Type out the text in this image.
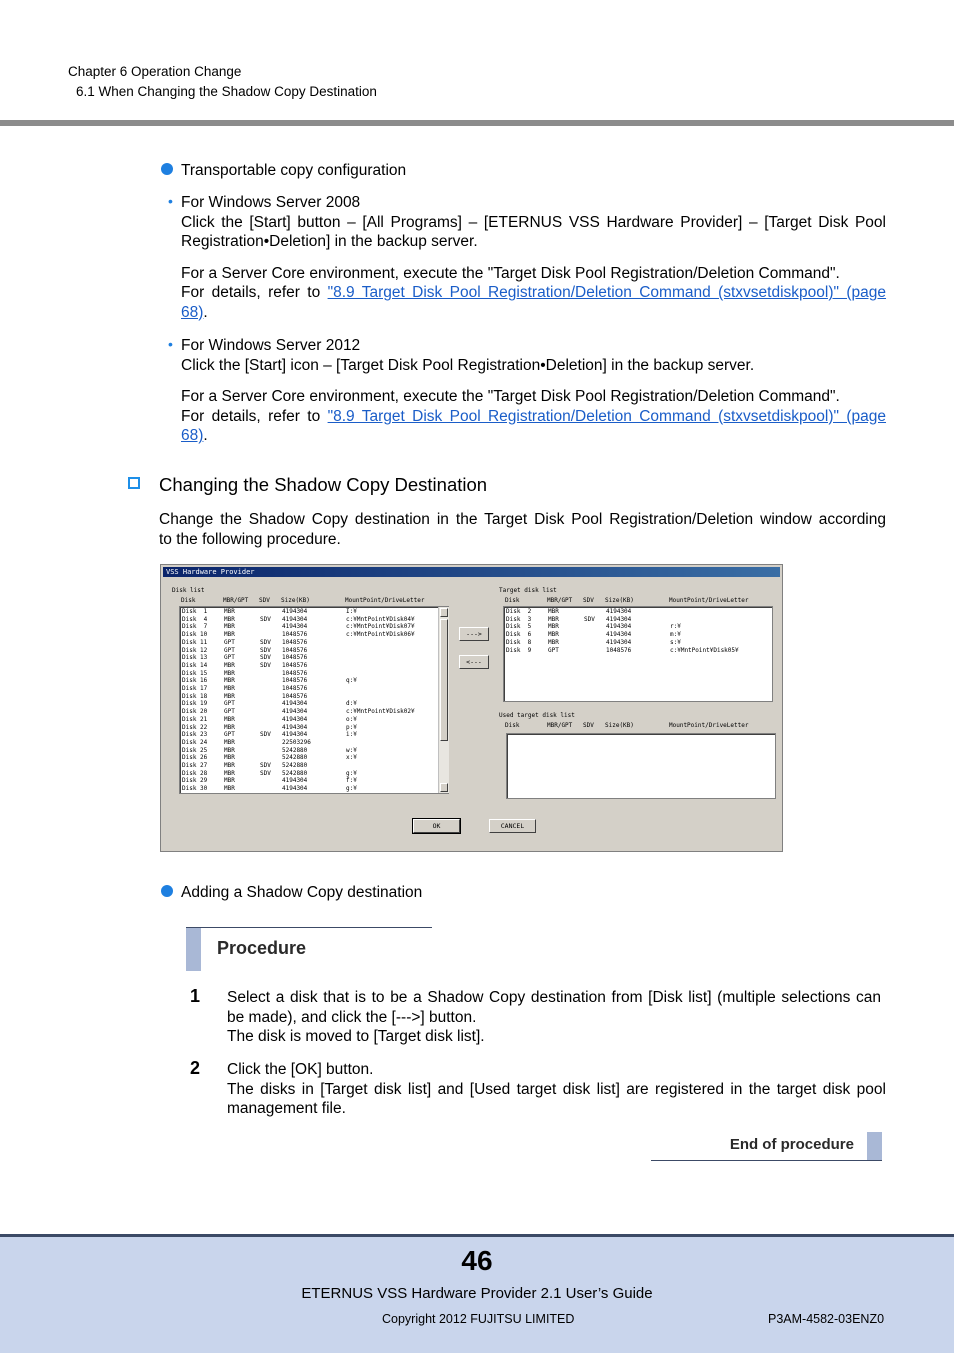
Chapter 6 Operation Change
6.1 When Changing the Shadow Copy Destination
Transportable copy configuration
• For Windows Server 2008
Click the [Start] button – [All Programs] – [ETERNUS VSS Hardware Provider] – [Target Disk Pool
Registration•Deletion] in the backup server.
For a Server Core environment, execute the "Target Disk Pool Registration/Deletion Command".
For details, refer to "8.9 Target Disk Pool Registration/Deletion Command (stxvsetdiskpool)" (page
68).
• For Windows Server 2012
Click the [Start] icon – [Target Disk Pool Registration•Deletion] in the backup server.
For a Server Core environment, execute the "Target Disk Pool Registration/Deletion Command".
For details, refer to "8.9 Target Disk Pool Registration/Deletion Command (stxvsetdiskpool)" (page
68).
Changing the Shadow Copy Destination
Change the Shadow Copy destination in the Target Disk Pool Registration/Deletion window according
to the following procedure.
VSS Hardware Provider
Disk list
Disk	MBR/GPT SDV Size(KB)	MountPoint/DriveLetter
Disk  1	MBR	4194304	I:¥
Disk  4	MBR	SDV 4194304	c:¥MntPoint¥Disk04¥
Disk  7	MBR	4194304	c:¥MntPoint¥Disk07¥
Disk 10	MBR	1048576	c:¥MntPoint¥Disk06¥
Disk 11	GPT	SDV 1048576
Disk 12	GPT	SDV 1048576
Disk 13	GPT	SDV 1048576
Disk 14	MBR	SDV 1048576
Disk 15	MBR	1048576
Disk 16	MBR	1048576	q:¥
Disk 17	MBR	1048576
Disk 18	MBR	1048576
Disk 19	GPT	4194304	d:¥
Disk 20	GPT	4194304	c:¥MntPoint¥Disk02¥
Disk 21	MBR	4194304	o:¥
Disk 22	MBR	4194304	p:¥
Disk 23	GPT	SDV 4194304	i:¥
Disk 24	MBR	22503296
Disk 25	MBR	5242880	w:¥
Disk 26	MBR	5242880	x:¥
Disk 27	MBR	SDV 5242880
Disk 28	MBR	SDV 5242880	g:¥
Disk 29	MBR	4194304	f:¥
Disk 30	MBR	4194304	g:¥
--->
<---
Target disk list
Disk	MBR/GPT SDV Size(KB)	MountPoint/DriveLetter
Disk  2	MBR	4194304
Disk  3	MBR	SDV 4194304
Disk  5	MBR	4194304	r:¥
Disk  6	MBR	4194304	m:¥
Disk  8	MBR	4194304	s:¥
Disk  9	GPT	1048576	c:¥MntPoint¥Disk05¥
Used target disk list
Disk	MBR/GPT SDV Size(KB)	MountPoint/DriveLetter
OK	CANCEL
Adding a Shadow Copy destination
Procedure
1 Select a disk that is to be a Shadow Copy destination from [Disk list] (multiple selections can
be made), and click the [--->] button.
The disk is moved to [Target disk list].
2 Click the [OK] button.
The disks in [Target disk list] and [Used target disk list] are registered in the target disk pool
management file.
End of procedure
46
ETERNUS VSS Hardware Provider 2.1 User’s Guide
Copyright 2012 FUJITSU LIMITED	P3AM-4582-03ENZ0
